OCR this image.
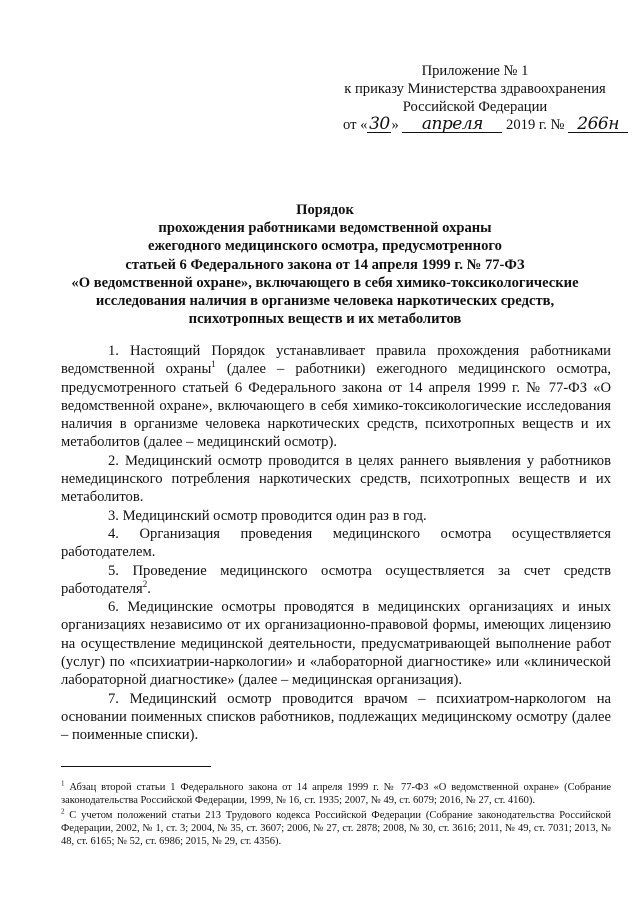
Приложение № 1
к приказу Министерства здравоохранения
Российской Федерации
от «30 » апреля 2019 г. № 266н
Порядок
прохождения работниками ведомственной охраны
ежегодного медицинского осмотра, предусмотренного
статьей 6 Федерального закона от 14 апреля 1999 г. № 77-ФЗ
«О ведомственной охране», включающего в себя химико-токсикологические
исследования наличия в организме человека наркотических средств,
психотропных веществ и их метаболитов

1. Настоящий Порядок устанавливает правила прохождения работниками ведомственной охраны$^1$ (далее – работники) ежегодного медицинского осмотра, предусмотренного статьей 6 Федерального закона от 14 апреля 1999 г. № 77-ФЗ «О ведомственной охране», включающего в себя химико-токсикологические исследования наличия в организме человека наркотических средств, психотропных веществ и их метаболитов (далее – медицинский осмотр).

2. Медицинский осмотр проводится в целях раннего выявления у работников немедицинского потребления наркотических средств, психотропных веществ и их метаболитов.

3. Медицинский осмотр проводится один раз в год.

4. Организация проведения медицинского осмотра осуществляется работодателем.

5. Проведение медицинского осмотра осуществляется за счет средств работодателя$^2$.

6. Медицинские осмотры проводятся в медицинских организациях и иных организациях независимо от их организационно-правовой формы, имеющих лицензию на осуществление медицинской деятельности, предусматривающей выполнение работ (услуг) по «психиатрии-наркологии» и «лабораторной диагностике» или «клинической лабораторной диагностике» (далее – медицинская организация).

7. Медицинский осмотр проводится врачом – психиатром-наркологом на основании поименных списков работников, подлежащих медицинскому осмотру (далее – поименные списки).

$^1$ Абзац второй статьи 1 Федерального закона от 14 апреля 1999 г. № 77-ФЗ «О ведомственной охране» (Собрание законодательства Российской Федерации, 1999, № 16, ст. 1935; 2007, № 49, ст. 6079; 2016, № 27, ст. 4160).

$^2$ С учетом положений статьи 213 Трудового кодекса Российской Федерации (Собрание законодательства Российской Федерации, 2002, № 1, ст. 3; 2004, № 35, ст. 3607; 2006, № 27, ст. 2878; 2008, № 30, ст. 3616; 2011, № 49, ст. 7031; 2013, № 48, ст. 6165; № 52, ст. 6986; 2015, № 29, ст. 4356).
